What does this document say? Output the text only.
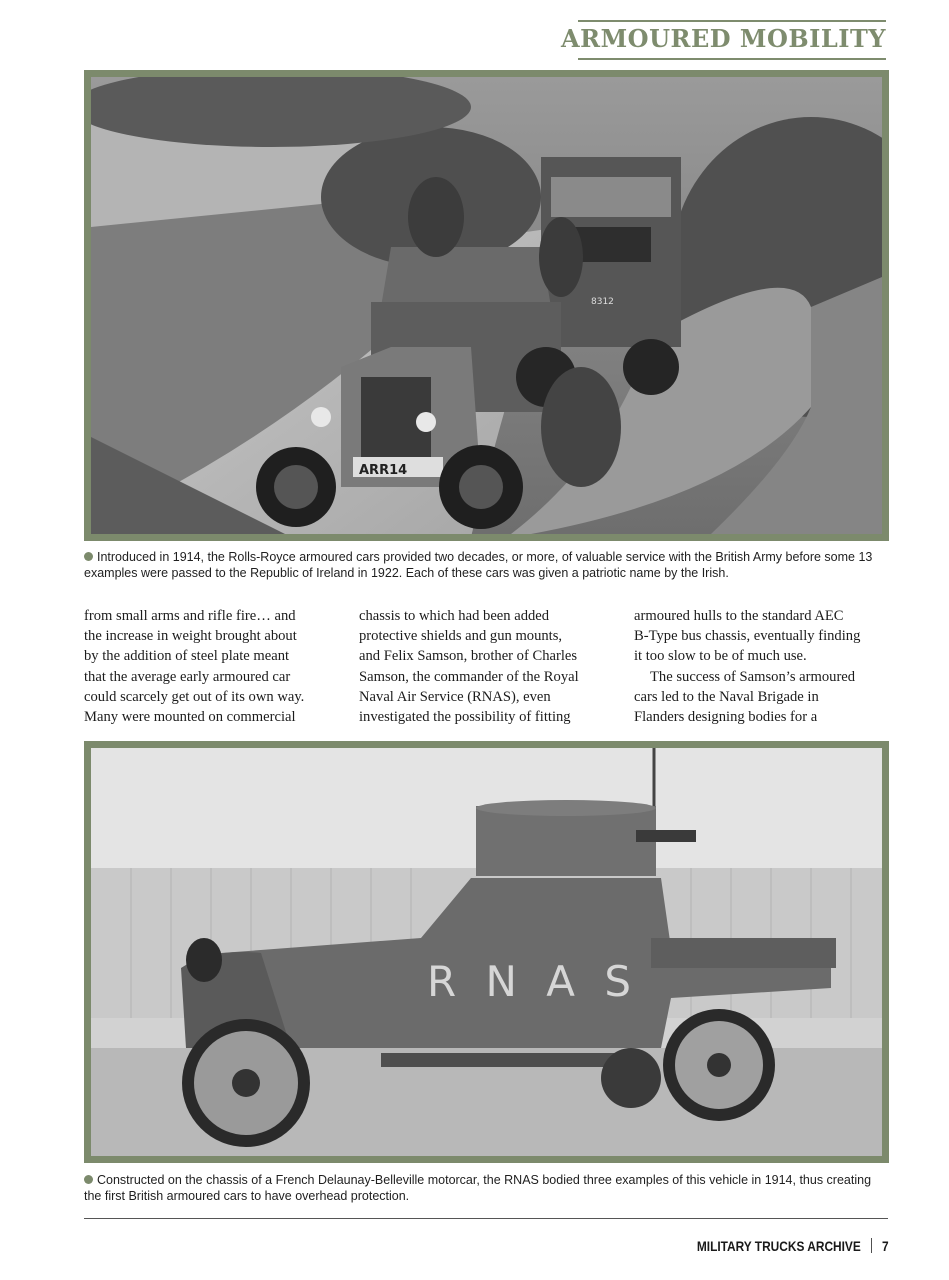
ARMOURED MOBILITY
ARR14
8312
Introduced in 1914, the Rolls-Royce armoured cars provided two decades, or more, of valuable service with the British Army before some 13 examples were passed to the Republic of Ireland in 1922. Each of these cars was given a patriotic name by the Irish.

from small arms and rifle fire… and
the increase in weight brought about
by the addition of steel plate meant
that the average early armoured car
could scarcely get out of its own way.
Many were mounted on commercial

chassis to which had been added
protective shields and gun mounts,
and Felix Samson, brother of Charles
Samson, the commander of the Royal
Naval Air Service (RNAS), even
investigated the possibility of fitting

armoured hulls to the standard AEC
B-Type bus chassis, eventually finding
it too slow to be of much use.

The success of Samson’s armoured
cars led to the Naval Brigade in
Flanders designing bodies for a

R N A S
Constructed on the chassis of a French Delaunay-Belleville motorcar, the RNAS bodied three examples of this vehicle in 1914, thus creating the first British armoured cars to have overhead protection.
MILITARY TRUCKS ARCHIVE 7
